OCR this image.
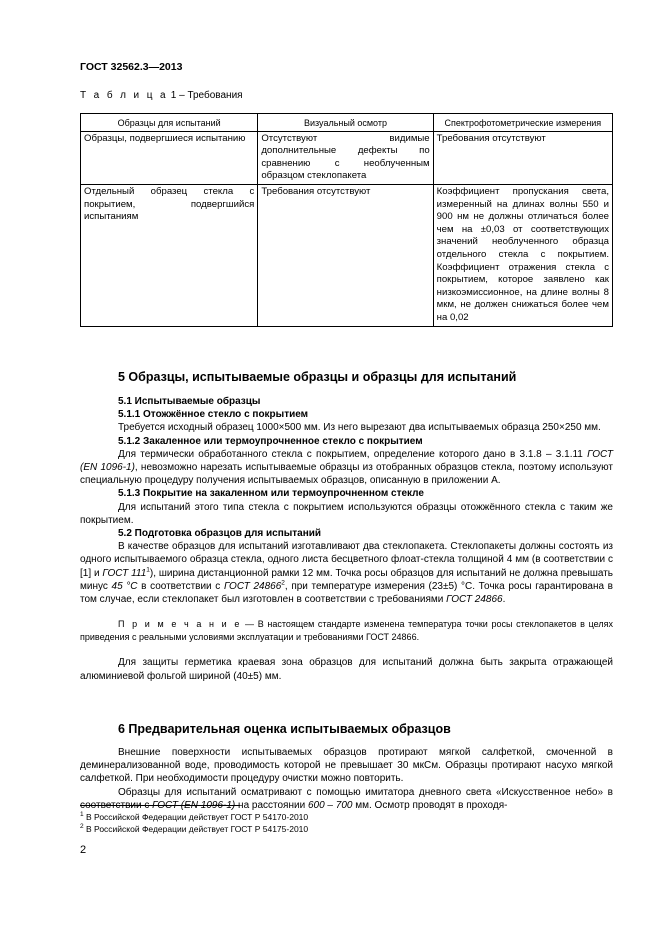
ГОСТ 32562.3—2013
Т а б л и ц а 1 – Требования
Образцы для испытаний	Визуальный осмотр	Спектрофотометрические измерения
Образцы, подвергшиеся испытанию	Отсутствуют видимые дополнительные дефекты по сравнению с необлученным образцом стеклопакета	Требования отсутствуют
Отдельный образец стекла с покрытием, подвергшийся испытаниям	Требования отсутствуют	Коэффициент пропускания света, измеренный на длинах волны 550 и 900 нм не должны отличаться более чем на ±0,03 от соответствующих значений необлученного образца отдельного стекла с покрытием. Коэффициент отражения стекла с покрытием, которое заявлено как низкоэмиссионное, на длине волны 8 мкм, не должен снижаться более чем на 0,02
5 Образцы, испытываемые образцы и образцы для испытаний
5.1 Испытываемые образцы
5.1.1 Отожжённое стекло с покрытием
Требуется исходный образец 1000×500 мм. Из него вырезают два испытываемых образца 250×250 мм.
5.1.2 Закаленное или термоупрочненное стекло с покрытием
Для термически обработанного стекла с покрытием, определение которого дано в 3.1.8 – 3.1.11 ГОСТ (EN 1096-1), невозможно нарезать испытываемые образцы из отобранных образцов стекла, поэтому используют специальную процедуру получения испытываемых образцов, описанную в приложении А.
5.1.3 Покрытие на закаленном или термоупрочненном стекле
Для испытаний этого типа стекла с покрытием используются образцы отожжённого стекла с таким же покрытием.
5.2 Подготовка образцов для испытаний
В качестве образцов для испытаний изготавливают два стеклопакета. Стеклопакеты должны состоять из одного испытываемого образца стекла, одного листа бесцветного флоат-стекла толщиной 4 мм (в соответствии с [1] и ГОСТ $111^1$), ширина дистанционной рамки 12 мм. Точка росы образцов для испытаний не должна превышать минус 45 °C в соответствии с ГОСТ 24866$^2$, при температуре измерения (23±5) °С. Точка росы гарантирована в том случае, если стеклопакет был изготовлен в соответствии с требованиями ГОСТ 24866.
П р и м е ч а н и е — В настоящем стандарте изменена температура точки росы стеклопакетов в целях приведения с реальными условиями эксплуатации и требованиями ГОСТ 24866.
Для защиты герметика краевая зона образцов для испытаний должна быть закрыта отражающей алюминиевой фольгой шириной (40±5) мм.
6 Предварительная оценка испытываемых образцов
Внешние поверхности испытываемых образцов протирают мягкой салфеткой, смоченной в деминерализованной воде, проводимость которой не превышает 30 мкСм. Образцы протирают насухо мягкой салфеткой. При необходимости процедуру очистки можно повторить.
Образцы для испытаний осматривают с помощью имитатора дневного света «Искусственное небо» в соответствии с ГОСТ (EN 1096-1) на расстоянии 600 – 700 мм. Осмотр проводят в проходя-
$^1$ В Российской Федерации действует ГОСТ Р 54170-2010
$^2$ В Российской Федерации действует ГОСТ Р 54175-2010
2
